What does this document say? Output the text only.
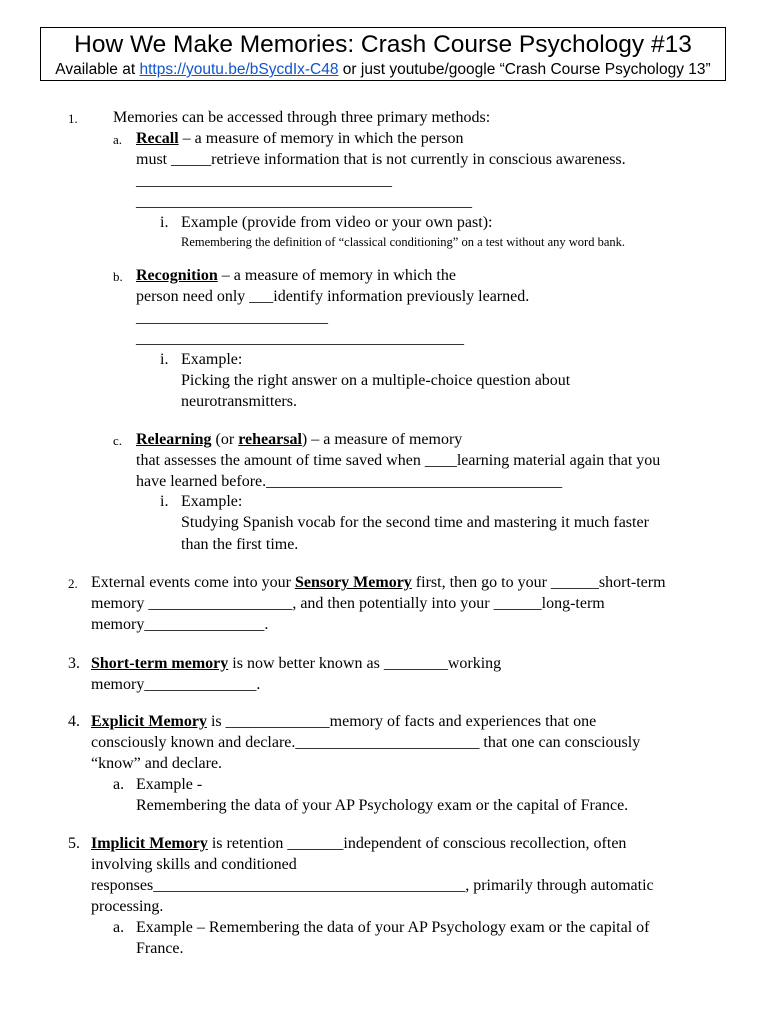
How We Make Memories: Crash Course Psychology #13
Available at https://youtu.be/bSycdIx-C48 or just youtube/google “Crash Course Psychology 13”
1. Memories can be accessed through three primary methods:
a. Recall – a measure of memory in which the person
must _____retrieve information that is not currently in conscious awareness.
________________________________
__________________________________________
i. Example (provide from video or your own past):
Remembering the definition of “classical conditioning” on a test without any word bank.
b. Recognition – a measure of memory in which the
person need only ___identify information previously learned.
________________________
_________________________________________
i. Example:
Picking the right answer on a multiple-choice question about
neurotransmitters.
c. Relearning (or rehearsal) – a measure of memory
that assesses the amount of time saved when ____learning material again that you
have learned before._____________________________________
i. Example:
Studying Spanish vocab for the second time and mastering it much faster
than the first time.
2. External events come into your Sensory Memory first, then go to your ______short-term
memory __________________, and then potentially into your ______long-term
memory_______________.
3. Short-term memory is now better known as ________working
memory______________.
4. Explicit Memory is _____________memory of facts and experiences that one
consciously known and declare._______________________ that one can consciously
“know” and declare.
a. Example -
Remembering the data of your AP Psychology exam or the capital of France.
5. Implicit Memory is retention _______independent of conscious recollection, often
involving skills and conditioned
responses_______________________________________, primarily through automatic
processing.
a. Example – Remembering the data of your AP Psychology exam or the capital of
France.
